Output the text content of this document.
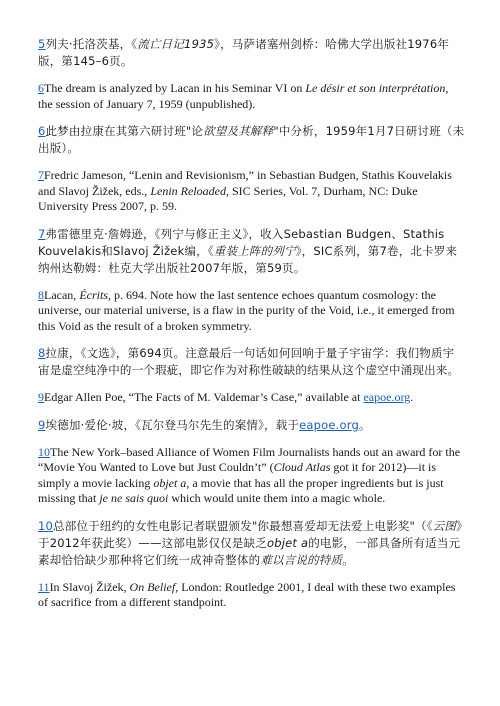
5列夫·托洛茨基，《流亡日记1935》，马萨诸塞州剑桥：哈佛大学出版社1976年版，第145–6页。

6The dream is analyzed by Lacan in his Seminar VI on Le désir et son interprétation, the session of January 7, 1959 (unpublished).

6此梦由拉康在其第六研讨班"论欲望及其解释"中分析，1959年1月7日研讨班（未出版）。

7Fredric Jameson, “Lenin and Revisionism,” in Sebastian Budgen, Stathis Kouvelakis and Slavoj Žižek, eds., Lenin Reloaded, SIC Series, Vol. 7, Durham, NC: Duke University Press 2007, p. 59.

7弗雷德里克·詹姆逊，《列宁与修正主义》，收入Sebastian Budgen、Stathis Kouvelakis和Slavoj Žižek编，《重装上阵的列宁》，SIC系列，第7卷，北卡罗来纳州达勒姆：杜克大学出版社2007年版，第59页。

8Lacan, Écrits, p. 694. Note how the last sentence echoes quantum cosmology: the universe, our material universe, is a flaw in the purity of the Void, i.e., it emerged from this Void as the result of a broken symmetry.

8拉康，《文选》，第694页。注意最后一句话如何回响于量子宇宙学：我们物质宇宙是虚空纯净中的一个瑕疵，即它作为对称性破缺的结果从这个虚空中涌现出来。

9Edgar Allen Poe, “The Facts of M. Valdemar’s Case,” available at eapoe.org.

9埃德加·爱伦·坡，《瓦尔登马尔先生的案情》，载于eapoe.org。

10The New York–based Alliance of Women Film Journalists hands out an award for the “Movie You Wanted to Love but Just Couldn’t” (Cloud Atlas got it for 2012)—it is simply a movie lacking objet a, a movie that has all the proper ingredients but is just missing that je ne sais quoi which would unite them into a magic whole.

10总部位于纽约的女性电影记者联盟颁发"你最想喜爱却无法爱上电影奖"（《云图》于2012年获此奖）——这部电影仅仅是缺乏objet a的电影，一部具备所有适当元素却恰恰缺少那种将它们统一成神奇整体的难以言说的特质。

11In Slavoj Žižek, On Belief, London: Routledge 2001, I deal with these two examples of sacrifice from a different standpoint.
